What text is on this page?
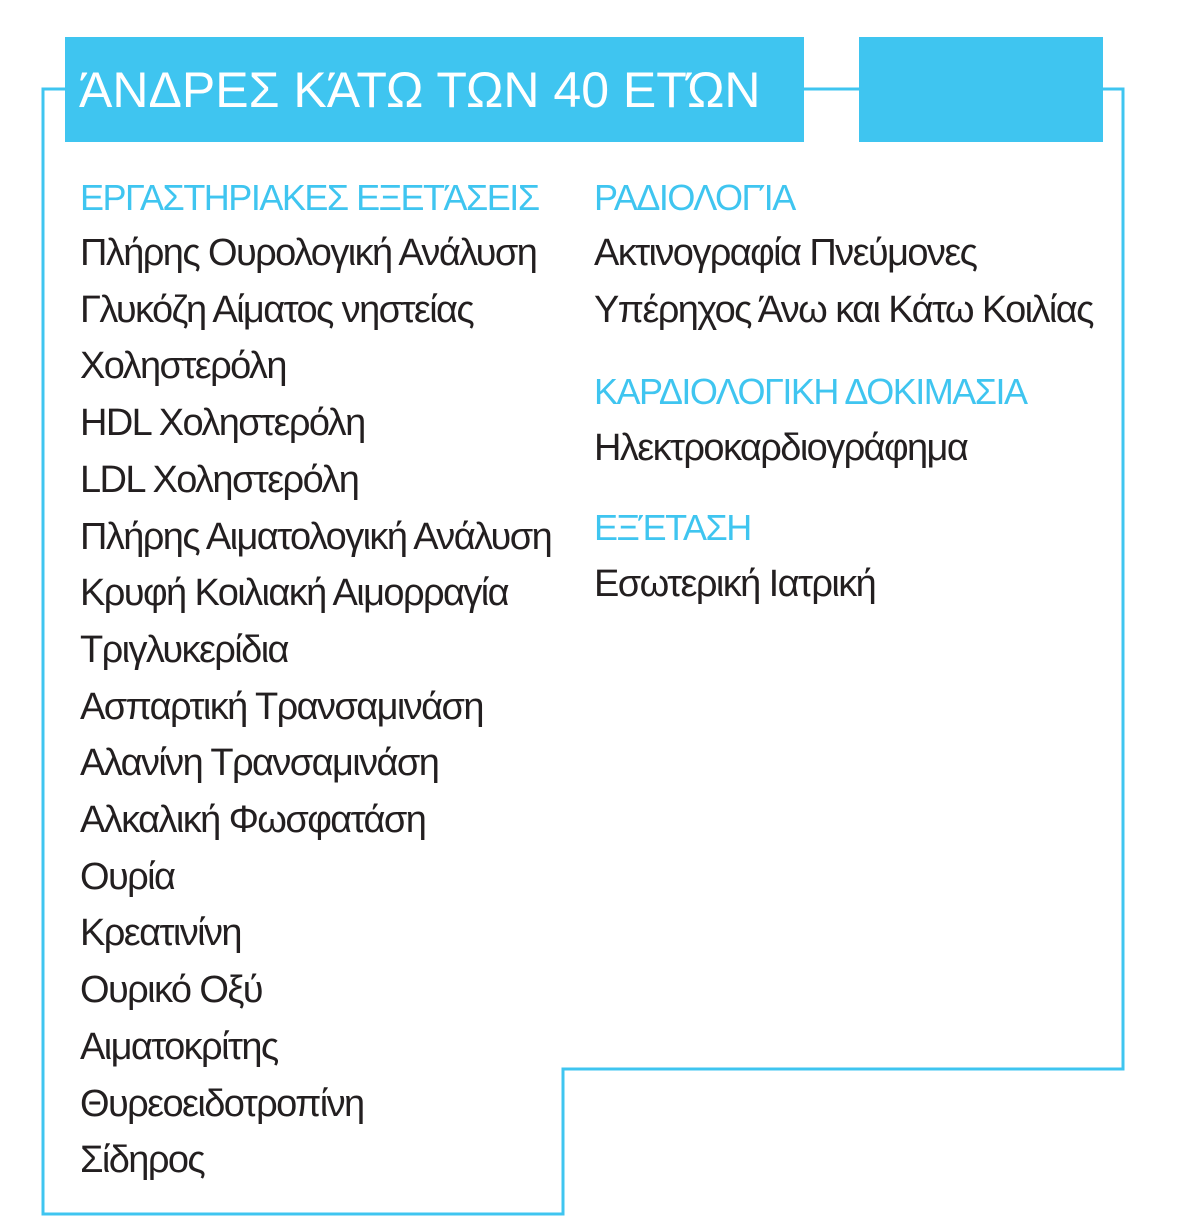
ΆΝΔΡΕΣ ΚΆΤΩ ΤΩΝ 40 ΕΤΏΝ

ΕΡΓΑΣΤΗΡΙΑΚΕΣ ΕΞΕΤΆΣΕΙΣ

Πλήρης Ουρολογική Ανάλυση

Γλυκόζη Αίματος νηστείας

Χοληστερόλη

HDL Χοληστερόλη

LDL Χοληστερόλη

Πλήρης Αιματολογική Ανάλυση

Κρυφή Κοιλιακή Αιμορραγία

Τριγλυκερίδια

Ασπαρτική Τρανσαμινάση

Αλανίνη Τρανσαμινάση

Αλκαλική Φωσφατάση

Ουρία

Κρεατινίνη

Ουρικό Οξύ

Αιματοκρίτης

Θυρεοειδοτροπίνη

Σίδηρος

ΡΑΔΙΟΛΟΓΊΑ

Ακτινογραφία Πνεύμονες

Υπέρηχος Άνω και Κάτω Κοιλίας

ΚΑΡΔΙΟΛΟΓΙΚΗ ΔΟΚΙΜΑΣΙΑ

Ηλεκτροκαρδιογράφημα

ΕΞΈΤΑΣΗ

Εσωτερική Ιατρική
